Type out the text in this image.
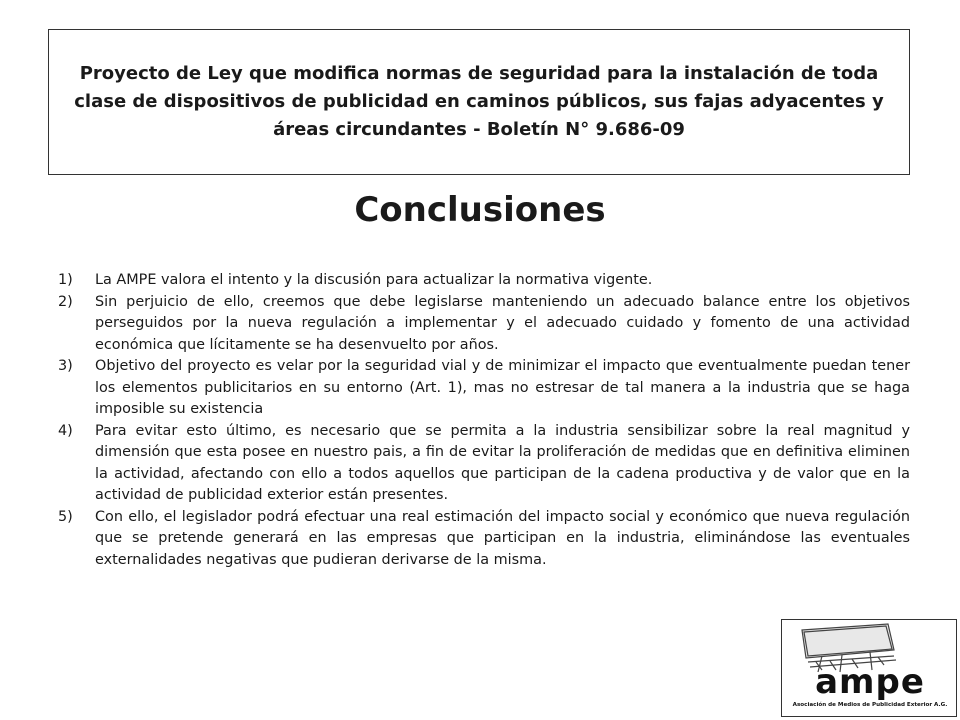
Proyecto de Ley que modifica normas de seguridad para la instalación de toda clase de dispositivos de publicidad en caminos públicos, sus fajas adyacentes y áreas circundantes - Boletín N° 9.686-09
Conclusiones
1)	La AMPE valora el intento y la discusión para actualizar la normativa vigente.
2)	Sin perjuicio de ello, creemos que debe legislarse manteniendo un adecuado balance entre los objetivos perseguidos por la nueva regulación a implementar y el adecuado cuidado y fomento de una actividad económica que lícitamente se ha desenvuelto por años.
3)	Objetivo del proyecto es velar por la seguridad vial y de minimizar el impacto que eventualmente puedan tener los elementos publicitarios en su entorno (Art. 1), mas no estresar de tal manera a la industria que se haga imposible su existencia
4)	Para evitar esto último, es necesario que se permita a la industria sensibilizar sobre la real magnitud y dimensión que esta posee en nuestro pais, a fin de evitar la proliferación de medidas que en definitiva eliminen la actividad, afectando con ello a todos aquellos que participan de la cadena productiva y de valor que en la actividad de publicidad exterior están presentes.
5)	Con ello, el legislador podrá efectuar una real estimación del impacto social y económico que nueva regulación que se pretende generará en las empresas que participan en la industria, eliminándose las eventuales externalidades negativas que pudieran derivarse de la misma.
ampe
Asociación de Medios de Publicidad Exterior A.G.
